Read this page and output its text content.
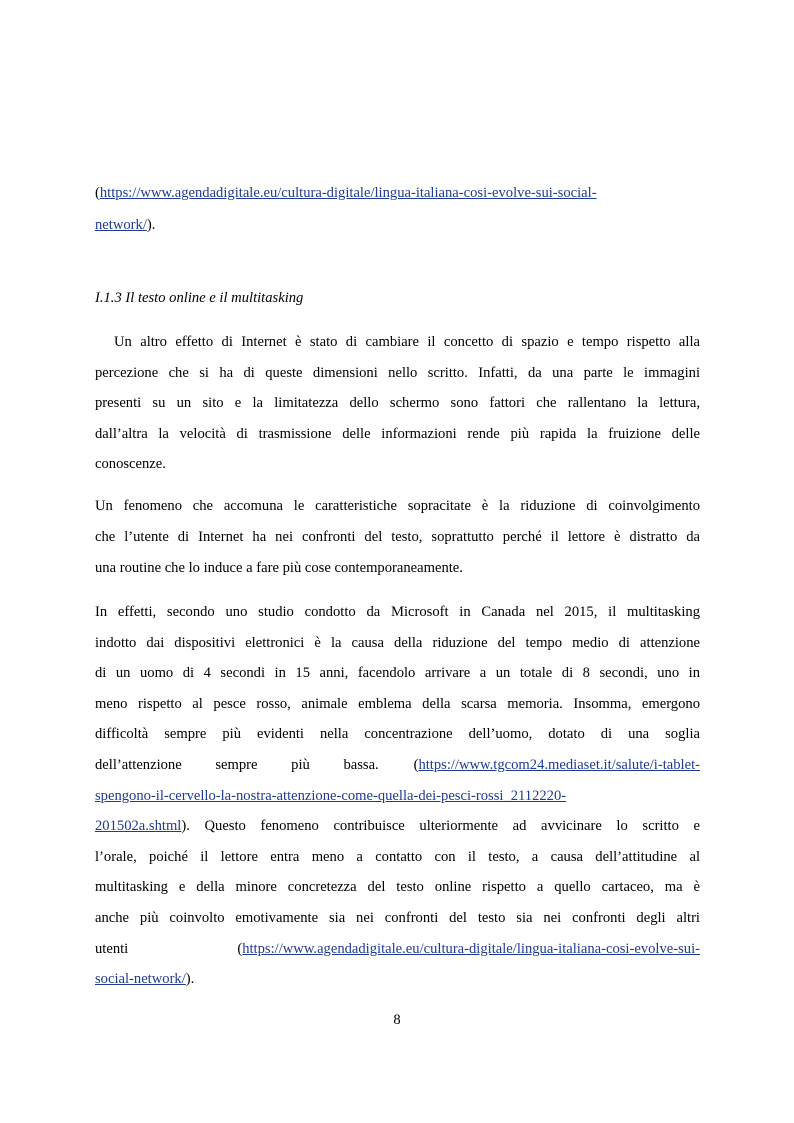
(https://www.agendadigitale.eu/cultura-digitale/lingua-italiana-cosi-evolve-sui-social-
network/).
I.1.3 Il testo online e il multitasking
Un altro effetto di Internet è stato di cambiare il concetto di spazio e tempo rispetto alla
percezione che si ha di queste dimensioni nello scritto. Infatti, da una parte le immagini
presenti su un sito e la limitatezza dello schermo sono fattori che rallentano la lettura,
dall’altra la velocità di trasmissione delle informazioni rende più rapida la fruizione delle
conoscenze.
Un fenomeno che accomuna le caratteristiche sopracitate è la riduzione di coinvolgimento
che l’utente di Internet ha nei confronti del testo, soprattutto perché il lettore è distratto da
una routine che lo induce a fare più cose contemporaneamente.
In effetti, secondo uno studio condotto da Microsoft in Canada nel 2015, il multitasking
indotto dai dispositivi elettronici è la causa della riduzione del tempo medio di attenzione
di un uomo di 4 secondi in 15 anni, facendolo arrivare a un totale di 8 secondi, uno in
meno rispetto al pesce rosso, animale emblema della scarsa memoria. Insomma, emergono
difficoltà sempre più evidenti nella concentrazione dell’uomo, dotato di una soglia
dell’attenzione sempre più bassa. (https://www.tgcom24.mediaset.it/salute/i-tablet-
spengono-il-cervello-la-nostra-attenzione-come-quella-dei-pesci-rossi_2112220-
201502a.shtml). Questo fenomeno contribuisce ulteriormente ad avvicinare lo scritto e
l’orale, poiché il lettore entra meno a contatto con il testo, a causa dell’attitudine al
multitasking e della minore concretezza del testo online rispetto a quello cartaceo, ma è
anche più coinvolto emotivamente sia nei confronti del testo sia nei confronti degli altri
utenti	(https://www.agendadigitale.eu/cultura-digitale/lingua-italiana-cosi-evolve-sui-
social-network/).
8
